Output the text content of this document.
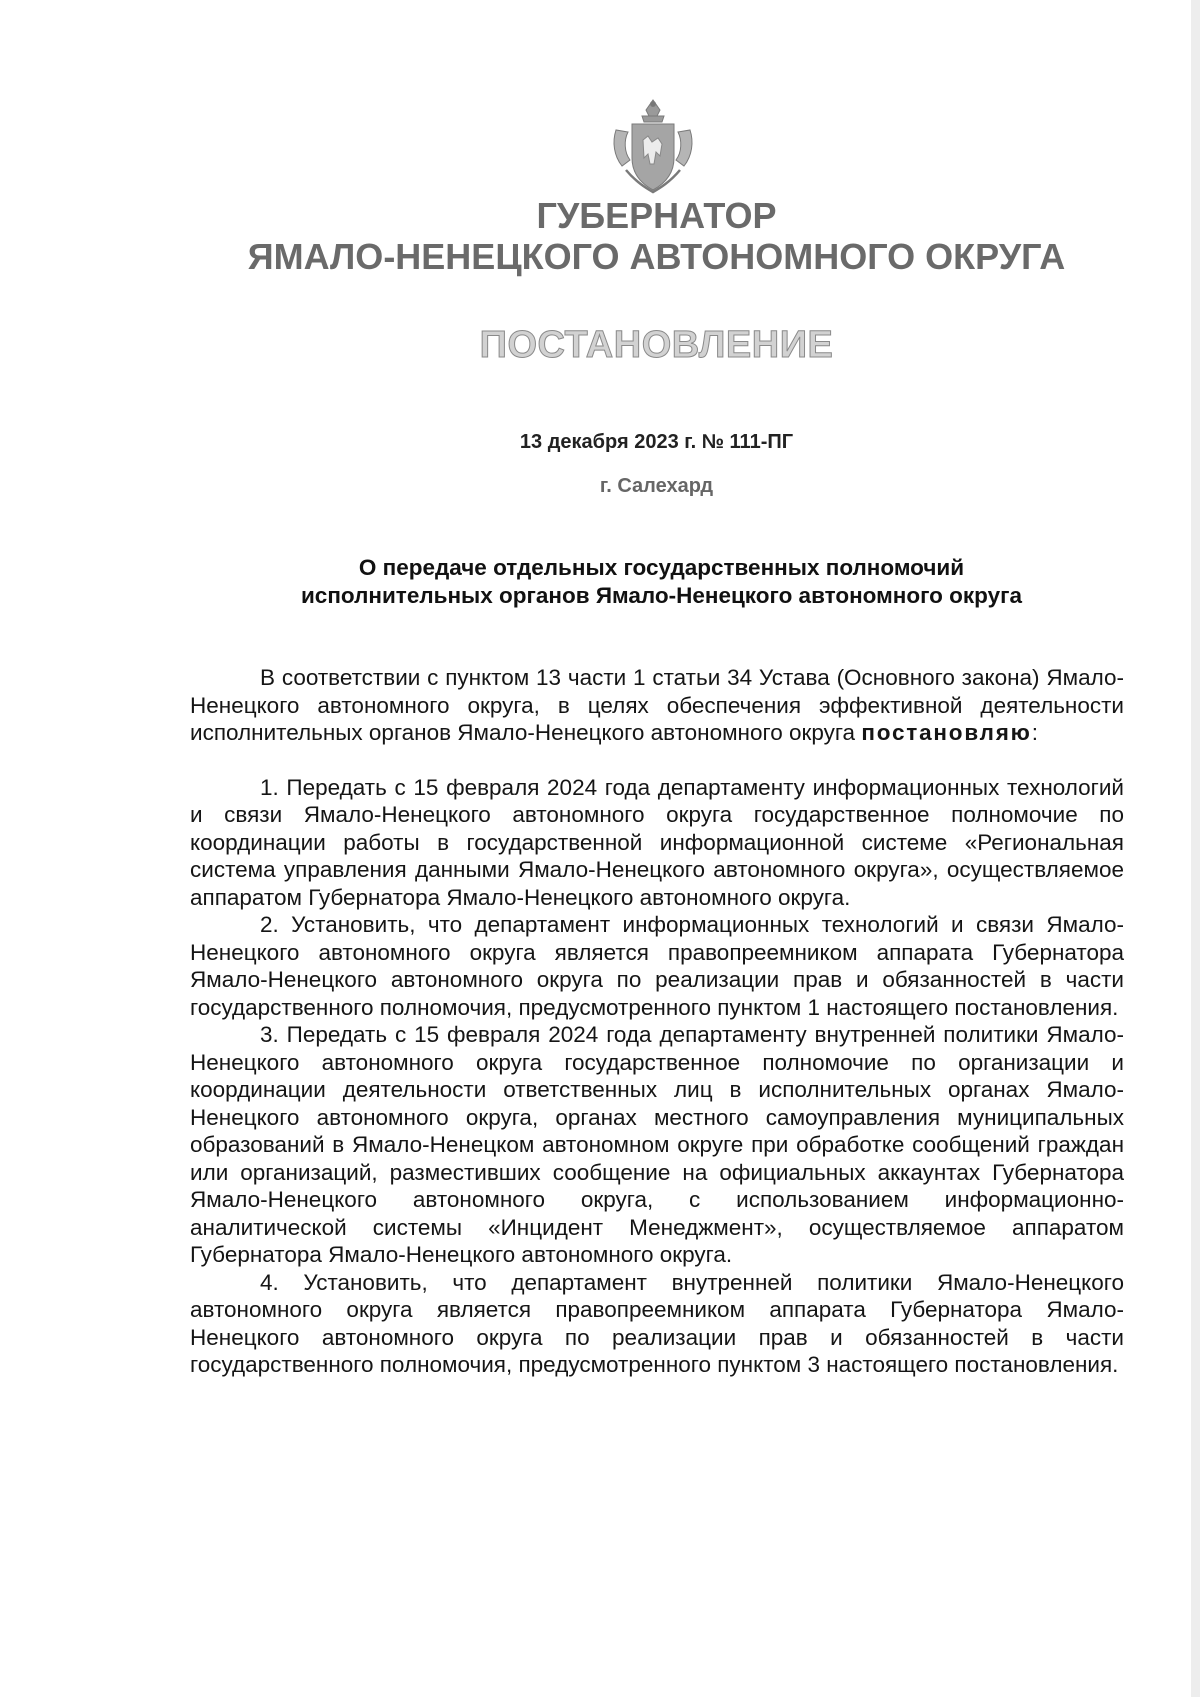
ГУБЕРНАТОР
ЯМАЛО-НЕНЕЦКОГО АВТОНОМНОГО ОКРУГА
ПОСТАНОВЛЕНИЕ
13 декабря 2023 г. № 111-ПГ
г. Салехард
О передаче отдельных государственных полномочий
исполнительных органов Ямало-Ненецкого автономного округа

В соответствии с пунктом 13 части 1 статьи 34 Устава (Основного закона) Ямало-Ненецкого автономного округа, в целях обеспечения эффективной деятельности исполнительных органов Ямало-Ненецкого автономного округа постановляю:

1. Передать с 15 февраля 2024 года департаменту информационных технологий и связи Ямало-Ненецкого автономного округа государственное полномочие по координации работы в государственной информационной системе «Региональная система управления данными Ямало-Ненецкого автономного округа», осуществляемое аппаратом Губернатора Ямало-Ненецкого автономного округа.

2. Установить, что департамент информационных технологий и связи Ямало-Ненецкого автономного округа является правопреемником аппарата Губернатора Ямало-Ненецкого автономного округа по реализации прав и обязанностей в части государственного полномочия, предусмотренного пунктом 1 настоящего постановления.

3. Передать с 15 февраля 2024 года департаменту внутренней политики Ямало-Ненецкого автономного округа государственное полномочие по организации и координации деятельности ответственных лиц в исполнительных органах Ямало-Ненецкого автономного округа, органах местного самоуправления муниципальных образований в Ямало-Ненецком автономном округе при обработке сообщений граждан или организаций, разместивших сообщение на официальных аккаунтах Губернатора Ямало-Ненецкого автономного округа, с использованием информационно-аналитической системы «Инцидент Менеджмент», осуществляемое аппаратом Губернатора Ямало-Ненецкого автономного округа.

4. Установить, что департамент внутренней политики Ямало-Ненецкого автономного округа является правопреемником аппарата Губернатора Ямало-Ненецкого автономного округа по реализации прав и обязанностей в части государственного полномочия, предусмотренного пунктом 3 настоящего постановления.
